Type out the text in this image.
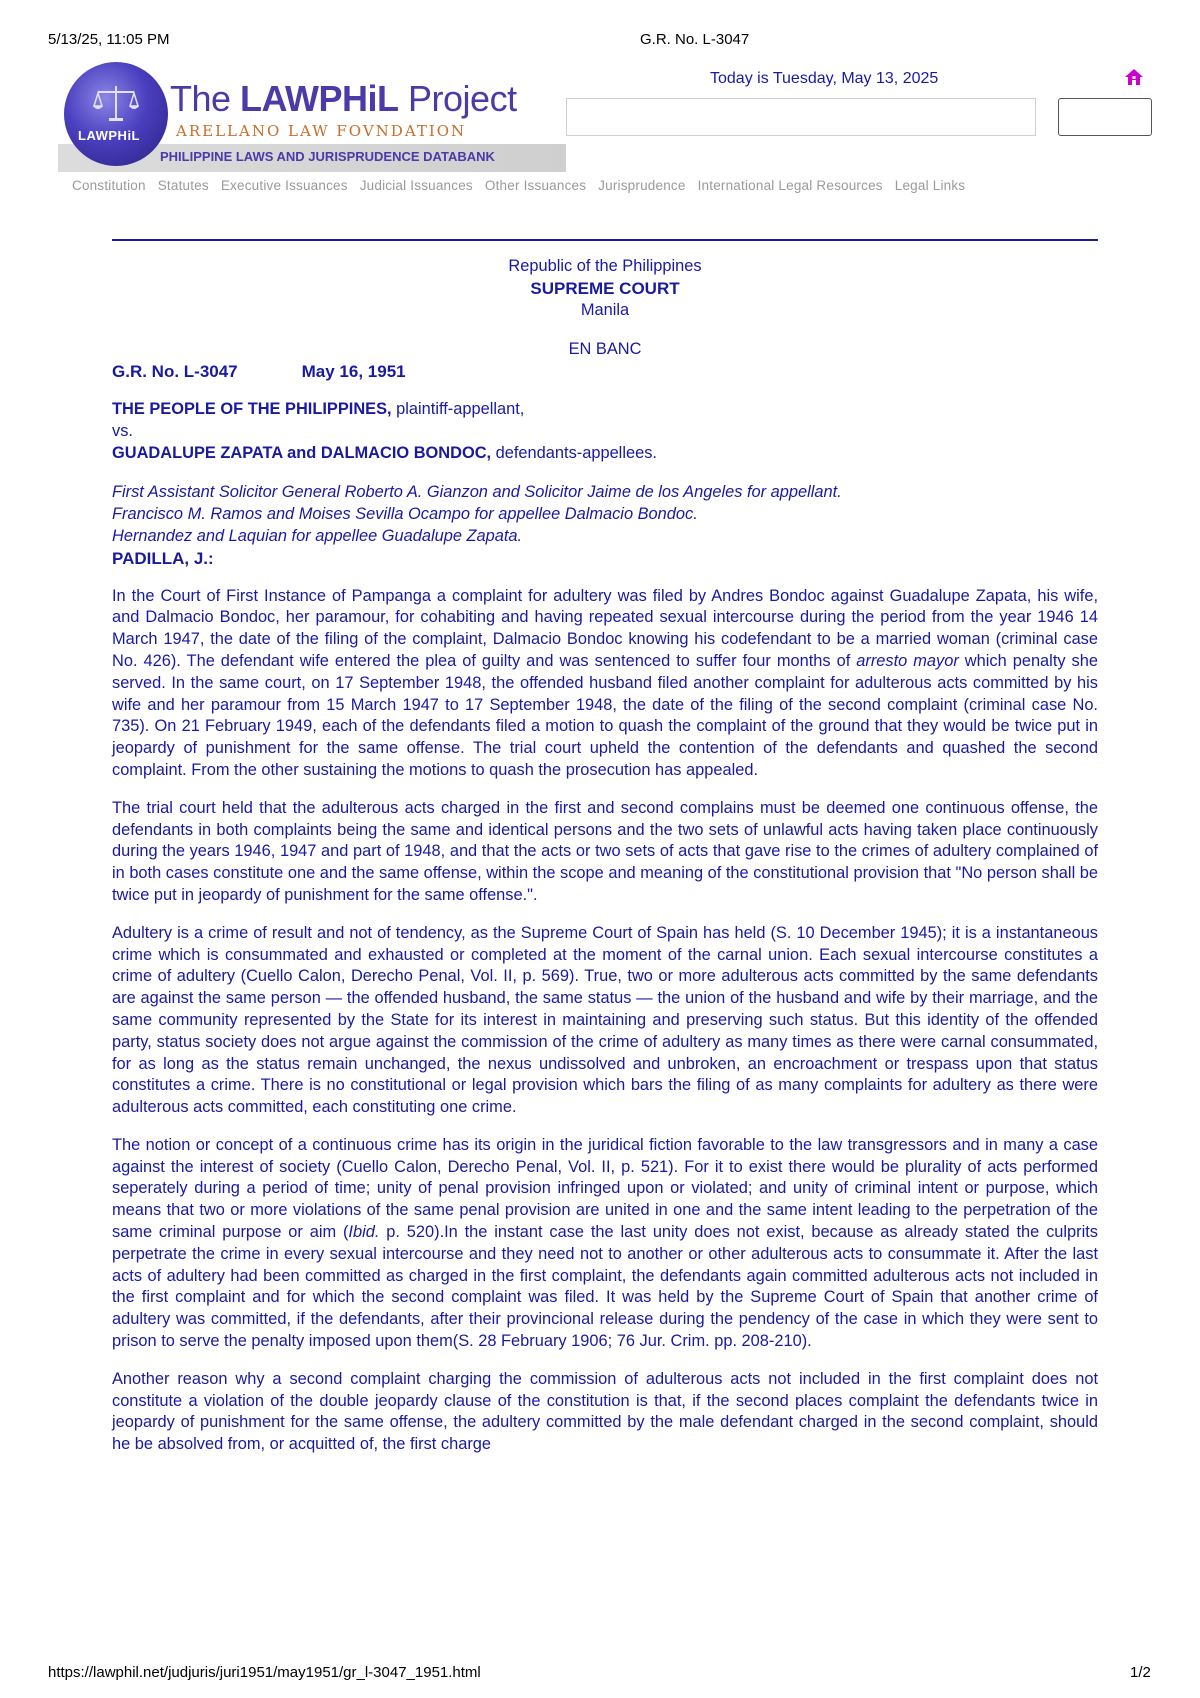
5/13/25, 11:05 PM	G.R. No. L-3047
PHILIPPINE LAWS AND JURISPRUDENCE DATABANK
LAWPHiL
The LAWPHiL Project
ARELLANO LAW FOVNDATION
Today is Tuesday, May 13, 2025
Constitution Statutes Executive Issuances Judicial Issuances Other Issuances Jurisprudence International Legal Resources Legal Links

Republic of the Philippines

SUPREME COURT

Manila

EN BANC

G.R. No. L-3047	May 16, 1951

THE PEOPLE OF THE PHILIPPINES, plaintiff-appellant,

vs.

GUADALUPE ZAPATA and DALMACIO BONDOC, defendants-appellees.

First Assistant Solicitor General Roberto A. Gianzon and Solicitor Jaime de los Angeles for appellant.

Francisco M. Ramos and Moises Sevilla Ocampo for appellee Dalmacio Bondoc.

Hernandez and Laquian for appellee Guadalupe Zapata.

PADILLA, J.:

In the Court of First Instance of Pampanga a complaint for adultery was filed by Andres Bondoc against Guadalupe Zapata, his wife, and Dalmacio Bondoc, her paramour, for cohabiting and having repeated sexual intercourse during the period from the year 1946 14 March 1947, the date of the filing of the complaint, Dalmacio Bondoc knowing his codefendant to be a married woman (criminal case No. 426). The defendant wife entered the plea of guilty and was sentenced to suffer four months of arresto mayor which penalty she served. In the same court, on 17 September 1948, the offended husband filed another complaint for adulterous acts committed by his wife and her paramour from 15 March 1947 to 17 September 1948, the date of the filing of the second complaint (criminal case No. 735). On 21 February 1949, each of the defendants filed a motion to quash the complaint of the ground that they would be twice put in jeopardy of punishment for the same offense. The trial court upheld the contention of the defendants and quashed the second complaint. From the other sustaining the motions to quash the prosecution has appealed.

The trial court held that the adulterous acts charged in the first and second complains must be deemed one continuous offense, the defendants in both complaints being the same and identical persons and the two sets of unlawful acts having taken place continuously during the years 1946, 1947 and part of 1948, and that the acts or two sets of acts that gave rise to the crimes of adultery complained of in both cases constitute one and the same offense, within the scope and meaning of the constitutional provision that "No person shall be twice put in jeopardy of punishment for the same offense.".

Adultery is a crime of result and not of tendency, as the Supreme Court of Spain has held (S. 10 December 1945); it is a instantaneous crime which is consummated and exhausted or completed at the moment of the carnal union. Each sexual intercourse constitutes a crime of adultery (Cuello Calon, Derecho Penal, Vol. II, p. 569). True, two or more adulterous acts committed by the same defendants are against the same person — the offended husband, the same status — the union of the husband and wife by their marriage, and the same community represented by the State for its interest in maintaining and preserving such status. But this identity of the offended party, status society does not argue against the commission of the crime of adultery as many times as there were carnal consummated, for as long as the status remain unchanged, the nexus undissolved and unbroken, an encroachment or trespass upon that status constitutes a crime. There is no constitutional or legal provision which bars the filing of as many complaints for adultery as there were adulterous acts committed, each constituting one crime.

The notion or concept of a continuous crime has its origin in the juridical fiction favorable to the law transgressors and in many a case against the interest of society (Cuello Calon, Derecho Penal, Vol. II, p. 521). For it to exist there would be plurality of acts performed seperately during a period of time; unity of penal provision infringed upon or violated; and unity of criminal intent or purpose, which means that two or more violations of the same penal provision are united in one and the same intent leading to the perpetration of the same criminal purpose or aim (Ibid. p. 520).In the instant case the last unity does not exist, because as already stated the culprits perpetrate the crime in every sexual intercourse and they need not to another or other adulterous acts to consummate it. After the last acts of adultery had been committed as charged in the first complaint, the defendants again committed adulterous acts not included in the first complaint and for which the second complaint was filed. It was held by the Supreme Court of Spain that another crime of adultery was committed, if the defendants, after their provincional release during the pendency of the case in which they were sent to prison to serve the penalty imposed upon them(S. 28 February 1906; 76 Jur. Crim. pp. 208-210).

Another reason why a second complaint charging the commission of adulterous acts not included in the first complaint does not constitute a violation of the double jeopardy clause of the constitution is that, if the second places complaint the defendants twice in jeopardy of punishment for the same offense, the adultery committed by the male defendant charged in the second complaint, should he be absolved from, or acquitted of, the first charge

https://lawphil.net/judjuris/juri1951/may1951/gr_l-3047_1951.html	1/2
